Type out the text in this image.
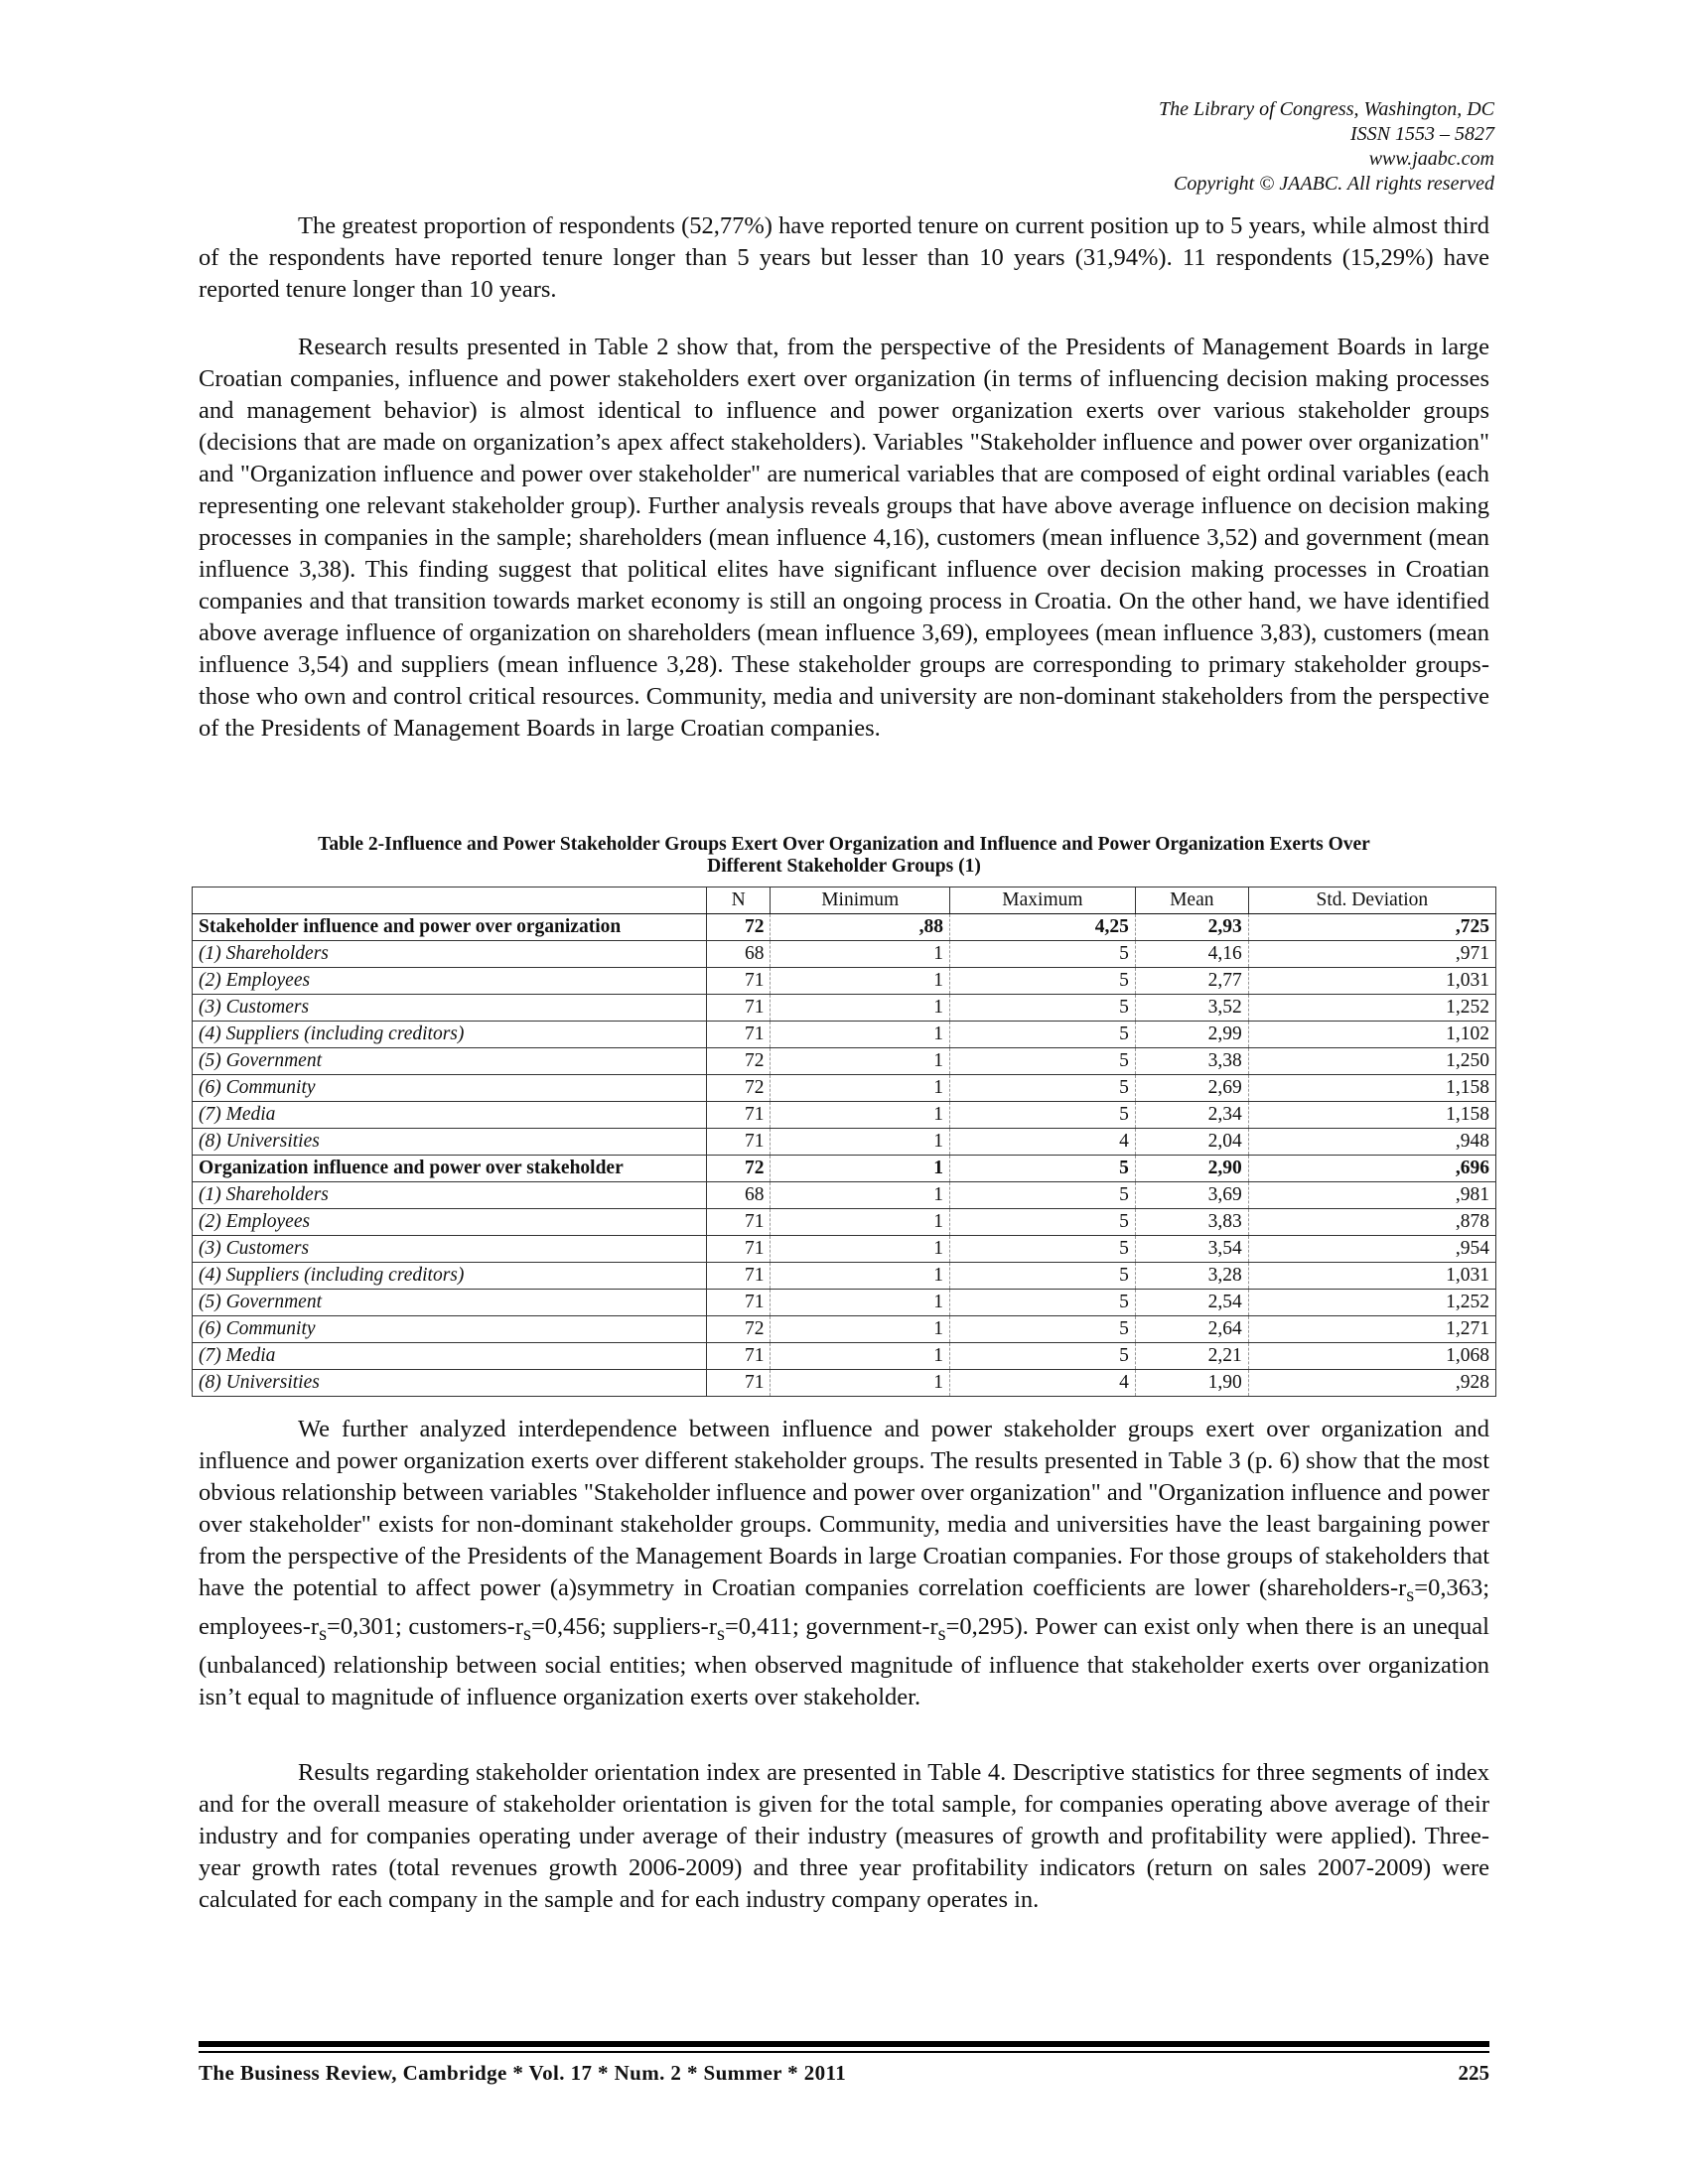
The Library of Congress, Washington, DC
ISSN 1553 – 5827
www.jaabc.com
Copyright © JAABC. All rights reserved

The greatest proportion of respondents (52,77%) have reported tenure on current position up to 5 years, while almost third of the respondents have reported tenure longer than 5 years but lesser than 10 years (31,94%). 11 respondents (15,29%) have reported tenure longer than 10 years.

Research results presented in Table 2 show that, from the perspective of the Presidents of Management Boards in large Croatian companies, influence and power stakeholders exert over organization (in terms of influencing decision making processes and management behavior) is almost identical to influence and power organization exerts over various stakeholder groups (decisions that are made on organization’s apex affect stakeholders). Variables "Stakeholder influence and power over organization" and "Organization influence and power over stakeholder" are numerical variables that are composed of eight ordinal variables (each representing one relevant stakeholder group). Further analysis reveals groups that have above average influence on decision making processes in companies in the sample; shareholders (mean influence 4,16), customers (mean influence 3,52) and government (mean influence 3,38). This finding suggest that political elites have significant influence over decision making processes in Croatian companies and that transition towards market economy is still an ongoing process in Croatia. On the other hand, we have identified above average influence of organization on shareholders (mean influence 3,69), employees (mean influence 3,83), customers (mean influence 3,54) and suppliers (mean influence 3,28). These stakeholder groups are corresponding to primary stakeholder groups-those who own and control critical resources. Community, media and university are non-dominant stakeholders from the perspective of the Presidents of Management Boards in large Croatian companies.

Table 2-Influence and Power Stakeholder Groups Exert Over Organization and Influence and Power Organization Exerts Over
Different Stakeholder Groups (1)
	N	Minimum	Maximum	Mean	Std. Deviation
Stakeholder influence and power over organization	72	,88	4,25	2,93	,725
(1) Shareholders	68	1	5	4,16	,971
(2) Employees	71	1	5	2,77	1,031
(3) Customers	71	1	5	3,52	1,252
(4) Suppliers (including creditors)	71	1	5	2,99	1,102
(5) Government	72	1	5	3,38	1,250
(6) Community	72	1	5	2,69	1,158
(7) Media	71	1	5	2,34	1,158
(8) Universities	71	1	4	2,04	,948
Organization influence and power over stakeholder	72	1	5	2,90	,696
(1) Shareholders	68	1	5	3,69	,981
(2) Employees	71	1	5	3,83	,878
(3) Customers	71	1	5	3,54	,954
(4) Suppliers (including creditors)	71	1	5	3,28	1,031
(5) Government	71	1	5	2,54	1,252
(6) Community	72	1	5	2,64	1,271
(7) Media	71	1	5	2,21	1,068
(8) Universities	71	1	4	1,90	,928

We further analyzed interdependence between influence and power stakeholder groups exert over organization and influence and power organization exerts over different stakeholder groups. The results presented in Table 3 (p. 6) show that the most obvious relationship between variables "Stakeholder influence and power over organization" and "Organization influence and power over stakeholder" exists for non-dominant stakeholder groups. Community, media and universities have the least bargaining power from the perspective of the Presidents of the Management Boards in large Croatian companies. For those groups of stakeholders that have the potential to affect power (a)symmetry in Croatian companies correlation coefficients are lower ($shareholders-r_s=0,363$; employees-$r_s=0,301$; customers-$r_s=0,456$; suppliers-$r_s=0,411$; government-$r_s=0,295$). Power can exist only when there is an unequal (unbalanced) relationship between social entities; when observed magnitude of influence that stakeholder exerts over organization isn’t equal to magnitude of influence organization exerts over stakeholder.

Results regarding stakeholder orientation index are presented in Table 4. Descriptive statistics for three segments of index and for the overall measure of stakeholder orientation is given for the total sample, for companies operating above average of their industry and for companies operating under average of their industry (measures of growth and profitability were applied). Three-year growth rates (total revenues growth 2006-2009) and three year profitability indicators (return on sales 2007-2009) were calculated for each company in the sample and for each industry company operates in.

The Business Review, Cambridge * Vol. 17 * Num. 2 * Summer * 2011	225
